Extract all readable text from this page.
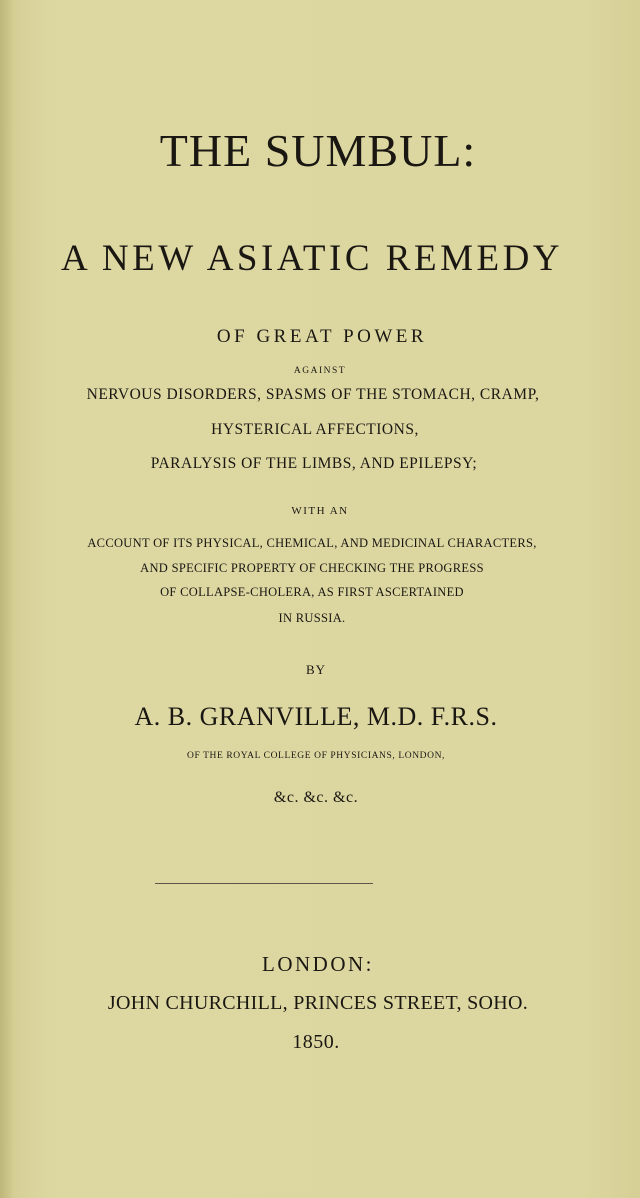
THE SUMBUL:
A NEW ASIATIC REMEDY
OF GREAT POWER
AGAINST
NERVOUS DISORDERS, SPASMS OF THE STOMACH, CRAMP,
HYSTERICAL AFFECTIONS,
PARALYSIS OF THE LIMBS, AND EPILEPSY;
WITH AN
ACCOUNT OF ITS PHYSICAL, CHEMICAL, AND MEDICINAL CHARACTERS,
AND SPECIFIC PROPERTY OF CHECKING THE PROGRESS
OF COLLAPSE-CHOLERA, AS FIRST ASCERTAINED
IN RUSSIA.
BY
A. B. GRANVILLE, M.D. F.R.S.
OF THE ROYAL COLLEGE OF PHYSICIANS, LONDON,
&c. &c. &c.
LONDON:
JOHN CHURCHILL, PRINCES STREET, SOHO.
1850.
